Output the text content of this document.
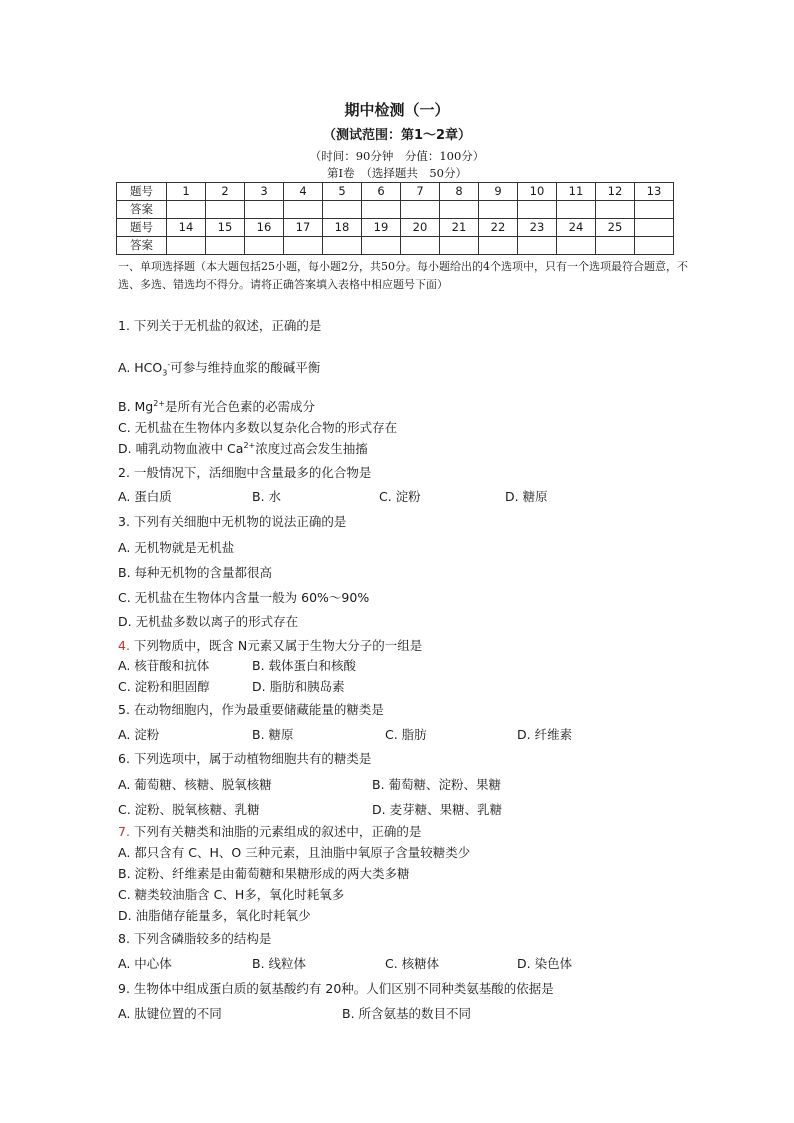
期中检测（一）
（测试范围：第1～2章）
（时间：90分钟　分值：100分）
第Ⅰ卷　（选择题共　50分）
题号	1	2	3	4	5	6	7	8	9	10	11	12	13
答案													
题号	14	15	16	17	18	19	20	21	22	23	24	25	
答案													
一、单项选择题（本大题包括25小题，每小题2分，共50分。每小题给出的4个选项中，只有一个选项最符合题意，不选、多选、错选均不得分。请将正确答案填入表格中相应题号下面）
1. 下列关于无机盐的叙述，正确的是
A. $HCO_3^-$可参与维持血浆的酸碱平衡
B. $Mg^{2+}$是所有光合色素的必需成分
C. 无机盐在生物体内多数以复杂化合物的形式存在
D. 哺乳动物血液中 $Ca^{2+}$浓度过高会发生抽搐
2. 一般情况下，活细胞中含量最多的化合物是
A. 蛋白质	B. 水	C. 淀粉	D. 糖原
3. 下列有关细胞中无机物的说法正确的是
A. 无机物就是无机盐
B. 每种无机物的含量都很高
C. 无机盐在生物体内含量一般为 60%～90%
D. 无机盐多数以离子的形式存在
4. 下列物质中，既含 N元素又属于生物大分子的一组是
A. 核苷酸和抗体	B. 载体蛋白和核酸
C. 淀粉和胆固醇	D. 脂肪和胰岛素
5. 在动物细胞内，作为最重要储藏能量的糖类是
A. 淀粉	B. 糖原	C. 脂肪	D. 纤维素
6. 下列选项中，属于动植物细胞共有的糖类是
A. 葡萄糖、核糖、脱氧核糖	B. 葡萄糖、淀粉、果糖
C. 淀粉、脱氧核糖、乳糖	D. 麦芽糖、果糖、乳糖
7. 下列有关糖类和油脂的元素组成的叙述中，正确的是
A. 都只含有 C、H、O 三种元素，且油脂中氧原子含量较糖类少
B. 淀粉、纤维素是由葡萄糖和果糖形成的两大类多糖
C. 糖类较油脂含 C、H多，氧化时耗氧多
D. 油脂储存能量多，氧化时耗氧少
8. 下列含磷脂较多的结构是
A. 中心体	B. 线粒体	C. 核糖体	D. 染色体
9. 生物体中组成蛋白质的氨基酸约有 20种。人们区别不同种类氨基酸的依据是
A. 肽键位置的不同	B. 所含氨基的数目不同
